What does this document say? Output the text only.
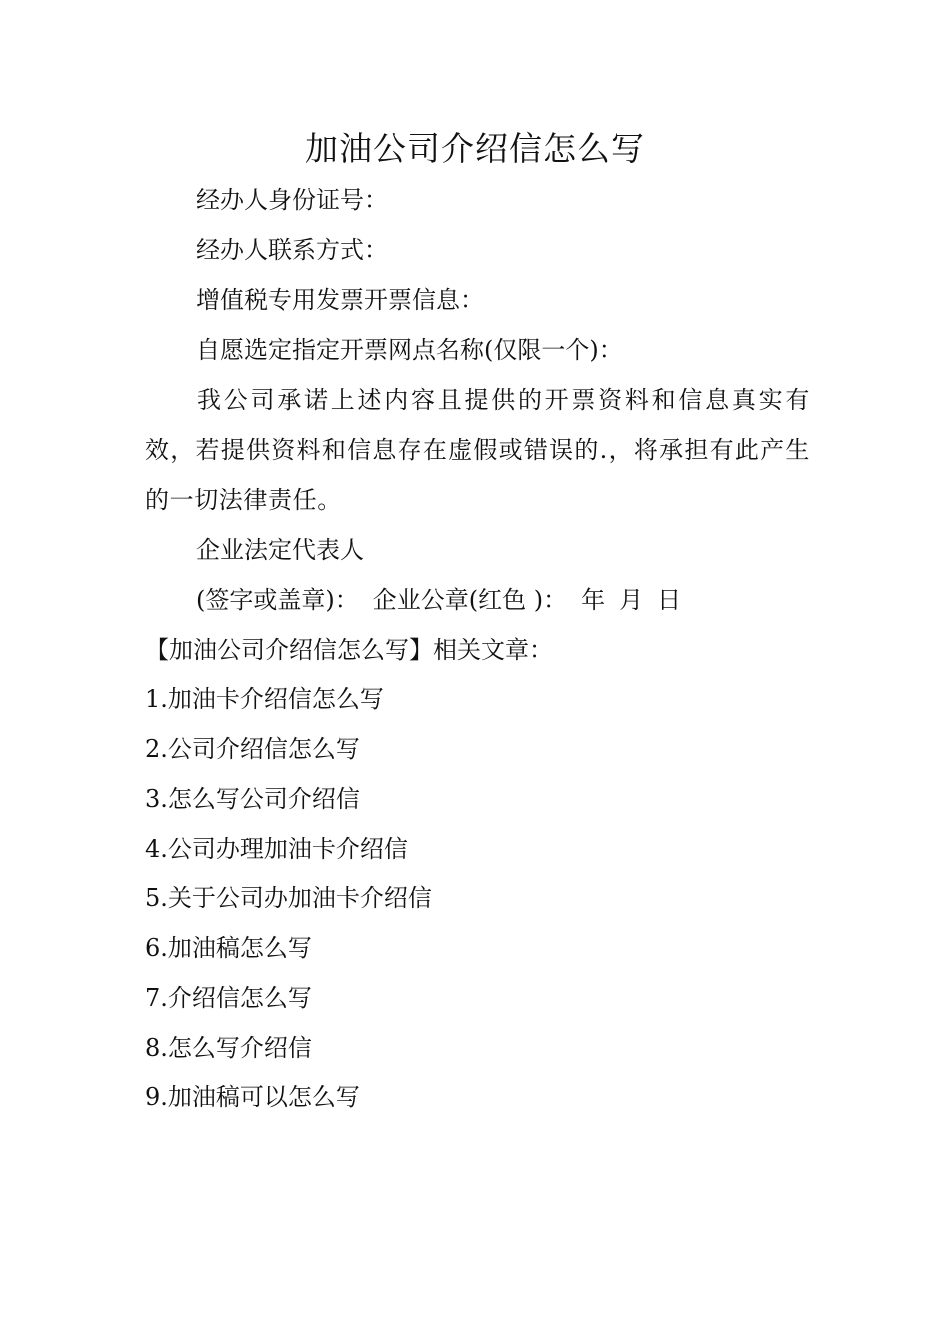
加油公司介绍信怎么写

经办人身份证号：

经办人联系方式：

增值税专用发票开票信息：

自愿选定指定开票网点名称(仅限一个)：

我公司承诺上述内容且提供的开票资料和信息真实有效，若提供资料和信息存在虚假或错误的.，将承担有此产生的一切法律责任。

企业法定代表人

(签字或盖章)： 企业公章(红色 )： 年 月 日

【加油公司介绍信怎么写】相关文章：

1.加油卡介绍信怎么写
2.公司介绍信怎么写
3.怎么写公司介绍信
4.公司办理加油卡介绍信
5.关于公司办加油卡介绍信
6.加油稿怎么写
7.介绍信怎么写
8.怎么写介绍信
9.加油稿可以怎么写
